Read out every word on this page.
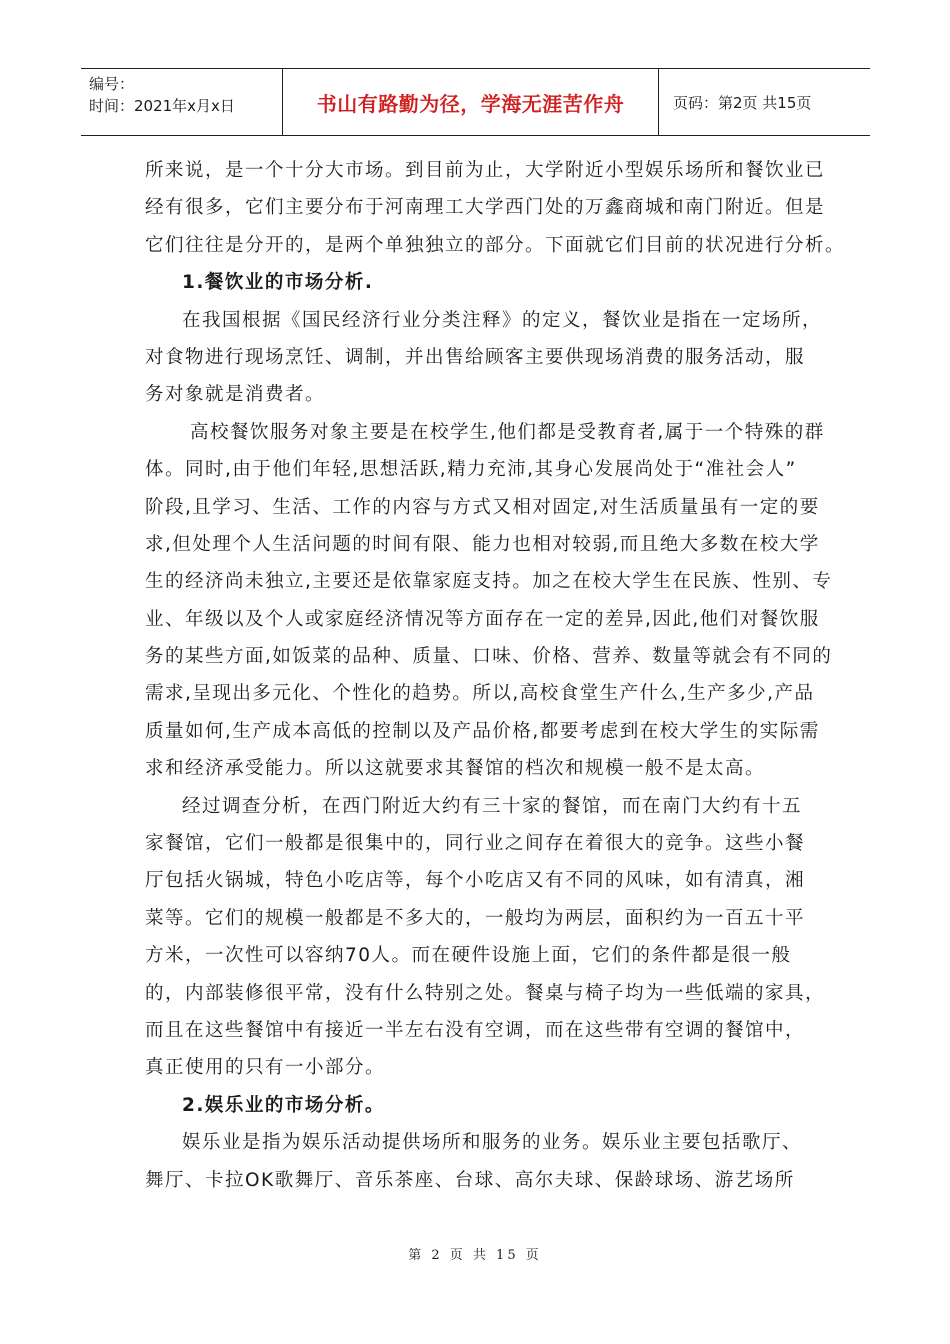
编号：
时间：2021年x月x日	书山有路勤为径，学海无涯苦作舟	页码：第2页 共15页
所来说，是一个十分大市场。到目前为止，大学附近小型娱乐场所和餐饮业已
经有很多，它们主要分布于河南理工大学西门处的万鑫商城和南门附近。但是
它们往往是分开的，是两个单独独立的部分。下面就它们目前的状况进行分析。
1.餐饮业的市场分析.
在我国根据《国民经济行业分类注释》的定义，餐饮业是指在一定场所，
对食物进行现场烹饪、调制，并出售给顾客主要供现场消费的服务活动，服
务对象就是消费者。
高校餐饮服务对象主要是在校学生,他们都是受教育者,属于一个特殊的群
体。同时,由于他们年轻,思想活跃,精力充沛,其身心发展尚处于“准社会人”
阶段,且学习、生活、工作的内容与方式又相对固定,对生活质量虽有一定的要
求,但处理个人生活问题的时间有限、能力也相对较弱,而且绝大多数在校大学
生的经济尚未独立,主要还是依靠家庭支持。加之在校大学生在民族、性别、专
业、年级以及个人或家庭经济情况等方面存在一定的差异,因此,他们对餐饮服
务的某些方面,如饭菜的品种、质量、口味、价格、营养、数量等就会有不同的
需求,呈现出多元化、个性化的趋势。所以,高校食堂生产什么,生产多少,产品
质量如何,生产成本高低的控制以及产品价格,都要考虑到在校大学生的实际需
求和经济承受能力。所以这就要求其餐馆的档次和规模一般不是太高。
经过调查分析，在西门附近大约有三十家的餐馆，而在南门大约有十五
家餐馆，它们一般都是很集中的，同行业之间存在着很大的竞争。这些小餐
厅包括火锅城，特色小吃店等，每个小吃店又有不同的风味，如有清真，湘
菜等。它们的规模一般都是不多大的，一般均为两层，面积约为一百五十平
方米，一次性可以容纳70人。而在硬件设施上面，它们的条件都是很一般
的，内部装修很平常，没有什么特别之处。餐桌与椅子均为一些低端的家具，
而且在这些餐馆中有接近一半左右没有空调，而在这些带有空调的餐馆中，
真正使用的只有一小部分。
2.娱乐业的市场分析。
娱乐业是指为娱乐活动提供场所和服务的业务。娱乐业主要包括歌厅、
舞厅、卡拉OK歌舞厅、音乐茶座、台球、高尔夫球、保龄球场、游艺场所
第 2 页 共 15 页
